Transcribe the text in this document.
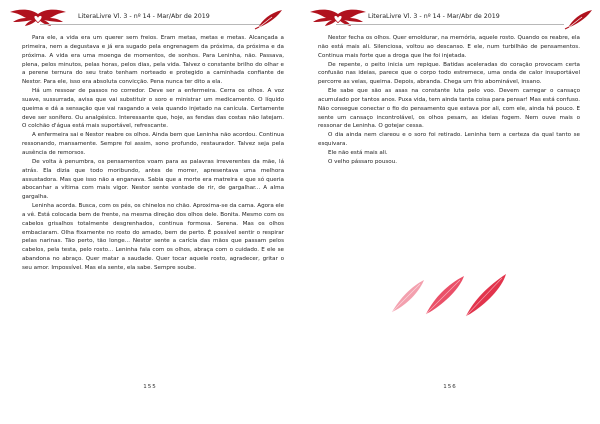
LiteraLivre Vl. 3 - nº 14 - Mar/Abr de 2019

Para ele, a vida era um querer sem freios. Eram metas, metas e metas. Alcançada a primeira, nem a degustava e já era sugado pela engrenagem da próxima, da próxima e da próxima. A vida era uma moenga de momentos, de sonhos. Para Leninha, não. Passava, plena, pelos minutos, pelas horas, pelos dias, pela vida. Talvez o constante brilho do olhar e a perene ternura do seu trato tenham norteado e protegido a caminhada confiante de Nestor. Para ele, isso era absoluta convicção. Pena nunca ter dito a ela.

Há um ressoar de passos no corredor. Deve ser a enfermeira. Cerra os olhos. A voz suave, sussurrada, avisa que vai substituir o soro e ministrar um medicamento. O líquido queima e dá a sensação que vai rasgando a veia quando injetado na canícula. Certamente deve ser sonífero. Ou analgésico. Interessante que, hoje, as fendas das costas não latejam. O colchão d'água está mais suportável, refrescante.

A enfermeira sai e Nestor reabre os olhos. Ainda bem que Leninha não acordou. Continua ressonando, mansamente. Sempre foi assim, sono profundo, restaurador. Talvez seja pela ausência de remorsos.

De volta à penumbra, os pensamentos voam para as palavras irreverentes da mãe, lá atrás. Ela dizia que todo moribundo, antes de morrer, apresentava uma melhora assustadora. Mas que isso não a enganava. Sabia que a morte era matreira e que só queria abocanhar a vítima com mais vigor. Nestor sente vontade de rir, de gargalhar... A alma gargalha.

Leninha acorda. Busca, com os pés, os chinelos no chão. Aproxima-se da cama. Agora ele a vê. Está colocada bem de frente, na mesma direção dos olhos dele. Bonita. Mesmo com os cabelos grisalhos totalmente desgrenhados, continua formosa. Serena. Mas os olhos embaciaram. Olha fixamente no rosto do amado, bem de perto. É possível sentir o respirar pelas narinas. Tão perto, tão longe... Nestor sente a carícia das mãos que passam pelos cabelos, pela testa, pelo rosto... Leninha fala com os olhos, abraça com o cuidado. E ele se abandona no abraço. Quer matar a saudade. Quer tocar aquele rosto, agradecer, gritar o seu amor. Impossível. Mas ela sente, ela sabe. Sempre soube.

155
LiteraLivre Vl. 3 - nº 14 - Mar/Abr de 2019

Nestor fecha os olhos. Quer emoldurar, na memória, aquele rosto. Quando os reabre, ela não está mais ali. Silenciosa, voltou ao descanso. E ele, num turbilhão de pensamentos. Continua mais forte que a droga que lhe foi injetada.

De repente, o peito inicia um repique. Batidas aceleradas do coração provocam certa confusão nas ideias, parece que o corpo todo estremece, uma onda de calor insuportável percorre as veias, queima. Depois, abranda. Chega um frio abominável, insano.

Ele sabe que são as asas na constante luta pelo voo. Devem carregar o cansaço acumulado por tantos anos. Puxa vida, tem ainda tanta coisa para pensar! Mas está confuso. Não consegue conectar o fio do pensamento que estava por ali, com ele, ainda há pouco. E sente um cansaço incontrolável, os olhos pesam, as ideias fogem. Nem ouve mais o ressonar de Leninha. O gotejar cessa.

O dia ainda nem clareou e o soro foi retirado. Leninha tem a certeza da qual tanto se esquivara.

Ele não está mais ali.

O velho pássaro pousou.

156
